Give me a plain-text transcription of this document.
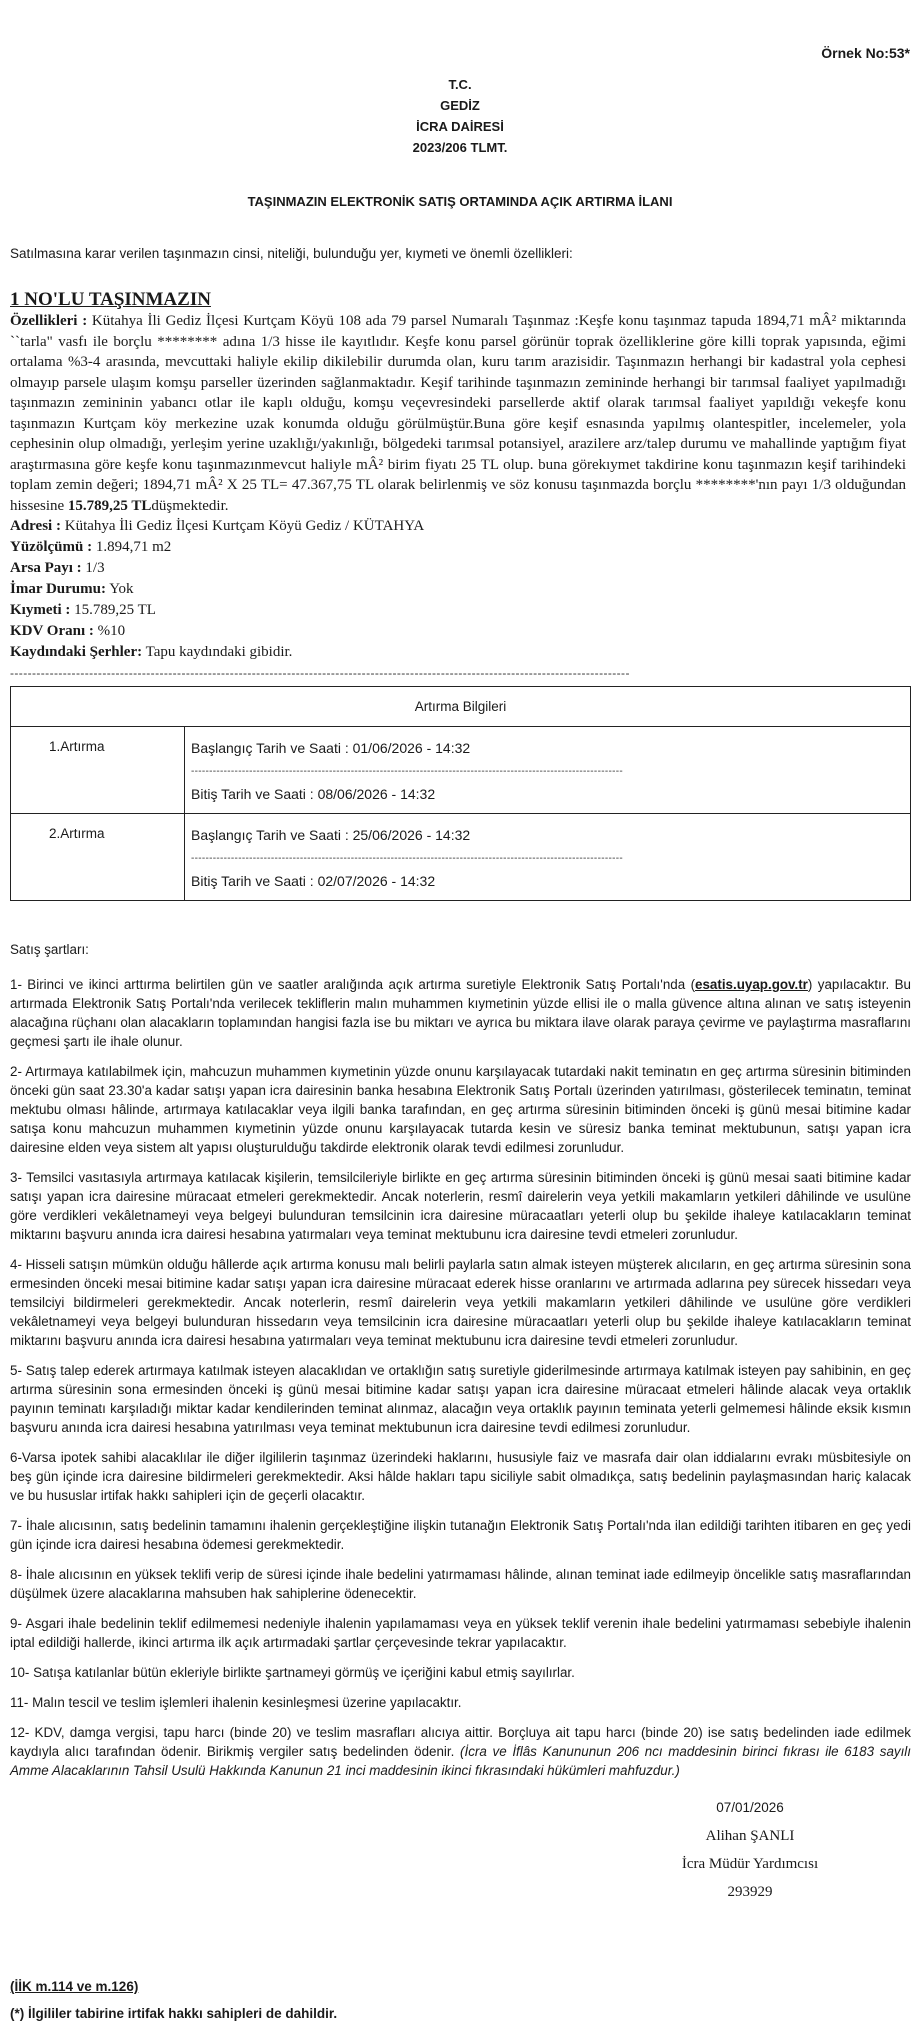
Örnek No:53*
T.C.
GEDİZ
İCRA DAİRESİ
2023/206 TLMT.
TAŞINMAZIN ELEKTRONİK SATIŞ ORTAMINDA AÇIK ARTIRMA İLANI
Satılmasına karar verilen taşınmazın cinsi, niteliği, bulunduğu yer, kıymeti ve önemli özellikleri:
1 NO'LU TAŞINMAZIN

Özellikleri : Kütahya İli Gediz İlçesi Kurtçam Köyü 108 ada 79 parsel Numaralı Taşınmaz :Keşfe konu taşınmaz tapuda 1894,71 mÂ² miktarında ``tarla" vasfı ile borçlu ******** adına 1/3 hisse ile kayıtlıdır. Keşfe konu parsel görünür toprak özelliklerine göre killi toprak yapısında, eğimi ortalama %3-4 arasında, mevcuttaki haliyle ekilip dikilebilir durumda olan, kuru tarım arazisidir. Taşınmazın herhangi bir kadastral yola cephesi olmayıp parsele ulaşım komşu parseller üzerinden sağlanmaktadır. Keşif tarihinde taşınmazın zemininde herhangi bir tarımsal faaliyet yapılmadığı taşınmazın zemininin yabancı otlar ile kaplı olduğu, komşu veçevresindeki parsellerde aktif olarak tarımsal faaliyet yapıldığı vekeşfe konu taşınmazın Kurtçam köy merkezine uzak konumda olduğu görülmüştür.Buna göre keşif esnasında yapılmış olantespitler, incelemeler, yola cephesinin olup olmadığı, yerleşim yerine uzaklığı/yakınlığı, bölgedeki tarımsal potansiyel, arazilere arz/talep durumu ve mahallinde yaptığım fiyat araştırmasına göre keşfe konu taşınmazınmevcut haliyle mÂ² birim fiyatı 25 TL olup. buna görekıymet takdirine konu taşınmazın keşif tarihindeki toplam zemin değeri; 1894,71 mÂ² X 25 TL= 47.367,75 TL olarak belirlenmiş ve söz konusu taşınmazda borçlu ********'nın payı 1/3 olduğundan hissesine 15.789,25 TLdüşmektedir.

Adresi : Kütahya İli Gediz İlçesi Kurtçam Köyü Gediz / KÜTAHYA
Yüzölçümü : 1.894,71 m2
Arsa Payı : 1/3
İmar Durumu: Yok
Kıymeti : 15.789,25 TL
KDV Oranı : %10
Kaydındaki Şerhler: Tapu kaydındaki gibidir.
---------------------------------------------------------------------------------------------------------------------------------------------
Artırma Bilgileri	
1.Artırma	Başlangıç Tarih ve Saati : 01/06/2026 - 14:32
-----------------------------------------------------------------------------------------------------------------------
Bitiş Tarih ve Saati : 08/06/2026 - 14:32

2.Artırma	Başlangıç Tarih ve Saati : 25/06/2026 - 14:32
-----------------------------------------------------------------------------------------------------------------------
Bitiş Tarih ve Saati : 02/07/2026 - 14:32

Satış şartları:

1- Birinci ve ikinci arttırma belirtilen gün ve saatler aralığında açık artırma suretiyle Elektronik Satış Portalı'nda (esatis.uyap.gov.tr) yapılacaktır. Bu artırmada Elektronik Satış Portalı'nda verilecek tekliflerin malın muhammen kıymetinin yüzde ellisi ile o malla güvence altına alınan ve satış isteyenin alacağına rüçhanı olan alacakların toplamından hangisi fazla ise bu miktarı ve ayrıca bu miktara ilave olarak paraya çevirme ve paylaştırma masraflarını geçmesi şartı ile ihale olunur.

2- Artırmaya katılabilmek için, mahcuzun muhammen kıymetinin yüzde onunu karşılayacak tutardaki nakit teminatın en geç artırma süresinin bitiminden önceki gün saat 23.30'a kadar satışı yapan icra dairesinin banka hesabına Elektronik Satış Portalı üzerinden yatırılması, gösterilecek teminatın, teminat mektubu olması hâlinde, artırmaya katılacaklar veya ilgili banka tarafından, en geç artırma süresinin bitiminden önceki iş günü mesai bitimine kadar satışa konu mahcuzun muhammen kıymetinin yüzde onunu karşılayacak tutarda kesin ve süresiz banka teminat mektubunun, satışı yapan icra dairesine elden veya sistem alt yapısı oluşturulduğu takdirde elektronik olarak tevdi edilmesi zorunludur.

3- Temsilci vasıtasıyla artırmaya katılacak kişilerin, temsilcileriyle birlikte en geç artırma süresinin bitiminden önceki iş günü mesai saati bitimine kadar satışı yapan icra dairesine müracaat etmeleri gerekmektedir. Ancak noterlerin, resmî dairelerin veya yetkili makamların yetkileri dâhilinde ve usulüne göre verdikleri vekâletnameyi veya belgeyi bulunduran temsilcinin icra dairesine müracaatları yeterli olup bu şekilde ihaleye katılacakların teminat miktarını başvuru anında icra dairesi hesabına yatırmaları veya teminat mektubunu icra dairesine tevdi etmeleri zorunludur.

4- Hisseli satışın mümkün olduğu hâllerde açık artırma konusu malı belirli paylarla satın almak isteyen müşterek alıcıların, en geç artırma süresinin sona ermesinden önceki mesai bitimine kadar satışı yapan icra dairesine müracaat ederek hisse oranlarını ve artırmada adlarına pey sürecek hissedarı veya temsilciyi bildirmeleri gerekmektedir. Ancak noterlerin, resmî dairelerin veya yetkili makamların yetkileri dâhilinde ve usulüne göre verdikleri vekâletnameyi veya belgeyi bulunduran hissedarın veya temsilcinin icra dairesine müracaatları yeterli olup bu şekilde ihaleye katılacakların teminat miktarını başvuru anında icra dairesi hesabına yatırmaları veya teminat mektubunu icra dairesine tevdi etmeleri zorunludur.

5- Satış talep ederek artırmaya katılmak isteyen alacaklıdan ve ortaklığın satış suretiyle giderilmesinde artırmaya katılmak isteyen pay sahibinin, en geç artırma süresinin sona ermesinden önceki iş günü mesai bitimine kadar satışı yapan icra dairesine müracaat etmeleri hâlinde alacak veya ortaklık payının teminatı karşıladığı miktar kadar kendilerinden teminat alınmaz, alacağın veya ortaklık payının teminata yeterli gelmemesi hâlinde eksik kısmın başvuru anında icra dairesi hesabına yatırılması veya teminat mektubunun icra dairesine tevdi edilmesi zorunludur.

6-Varsa ipotek sahibi alacaklılar ile diğer ilgililerin taşınmaz üzerindeki haklarını, hususiyle faiz ve masrafa dair olan iddialarını evrakı müsbitesiyle on beş gün içinde icra dairesine bildirmeleri gerekmektedir. Aksi hâlde hakları tapu siciliyle sabit olmadıkça, satış bedelinin paylaşmasından hariç kalacak ve bu hususlar irtifak hakkı sahipleri için de geçerli olacaktır.

7- İhale alıcısının, satış bedelinin tamamını ihalenin gerçekleştiğine ilişkin tutanağın Elektronik Satış Portalı'nda ilan edildiği tarihten itibaren en geç yedi gün içinde icra dairesi hesabına ödemesi gerekmektedir.

8- İhale alıcısının en yüksek teklifi verip de süresi içinde ihale bedelini yatırmaması hâlinde, alınan teminat iade edilmeyip öncelikle satış masraflarından düşülmek üzere alacaklarına mahsuben hak sahiplerine ödenecektir.

9- Asgari ihale bedelinin teklif edilmemesi nedeniyle ihalenin yapılamaması veya en yüksek teklif verenin ihale bedelini yatırmaması sebebiyle ihalenin iptal edildiği hallerde, ikinci artırma ilk açık artırmadaki şartlar çerçevesinde tekrar yapılacaktır.

10- Satışa katılanlar bütün ekleriyle birlikte şartnameyi görmüş ve içeriğini kabul etmiş sayılırlar.

11- Malın tescil ve teslim işlemleri ihalenin kesinleşmesi üzerine yapılacaktır.

12- KDV, damga vergisi, tapu harcı (binde 20) ve teslim masrafları alıcıya aittir. Borçluya ait tapu harcı (binde 20) ise satış bedelinden iade edilmek kaydıyla alıcı tarafından ödenir. Birikmiş vergiler satış bedelinden ödenir. (İcra ve İflâs Kanununun 206 ncı maddesinin birinci fıkrası ile 6183 sayılı Amme Alacaklarının Tahsil Usulü Hakkında Kanunun 21 inci maddesinin ikinci fıkrasındaki hükümleri mahfuzdur.)

07/01/2026
Alihan ŞANLI
İcra Müdür Yardımcısı
293929
(İİK m.114 ve m.126)
(*) İlgililer tabirine irtifak hakkı sahipleri de dahildir.
